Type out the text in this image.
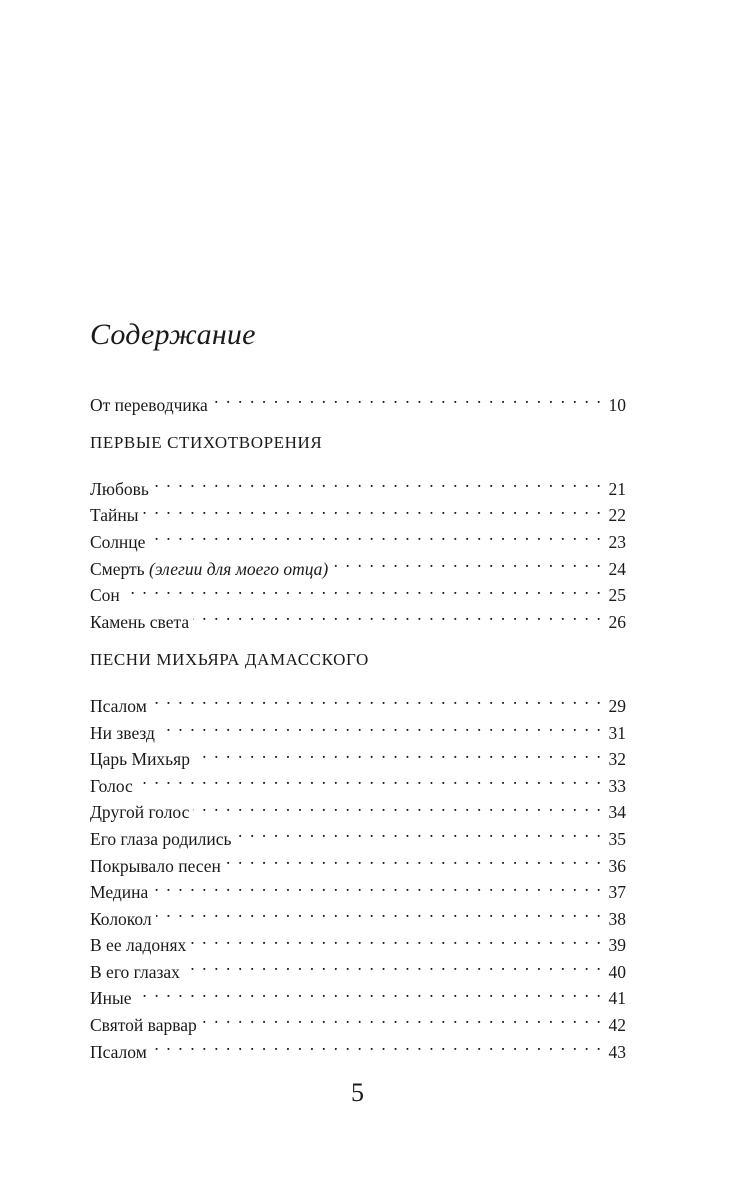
Содержание
От переводчика . . .	10
ПЕРВЫЕ СТИХОТВОРЕНИЯ
Любовь . . .	21
Тайны . . .	22
Солнце . . .	23
Смерть (элегии для моего отца) . . .	24
Сон . . .	25
Камень света . . .	26
ПЕСНИ МИХЬЯРА ДАМАССКОГО
Псалом . . .	29
Ни звезд . . .	31
Царь Михьяр . . .	32
Голос . . .	33
Другой голос . . .	34
Его глаза родились . . .	35
Покрывало песен . . .	36
Медина . . .	37
Колокол . . .	38
В ее ладонях . . .	39
В его глазах . . .	40
Иные . . .	41
Святой варвар . . .	42
Псалом . . .	43
5
